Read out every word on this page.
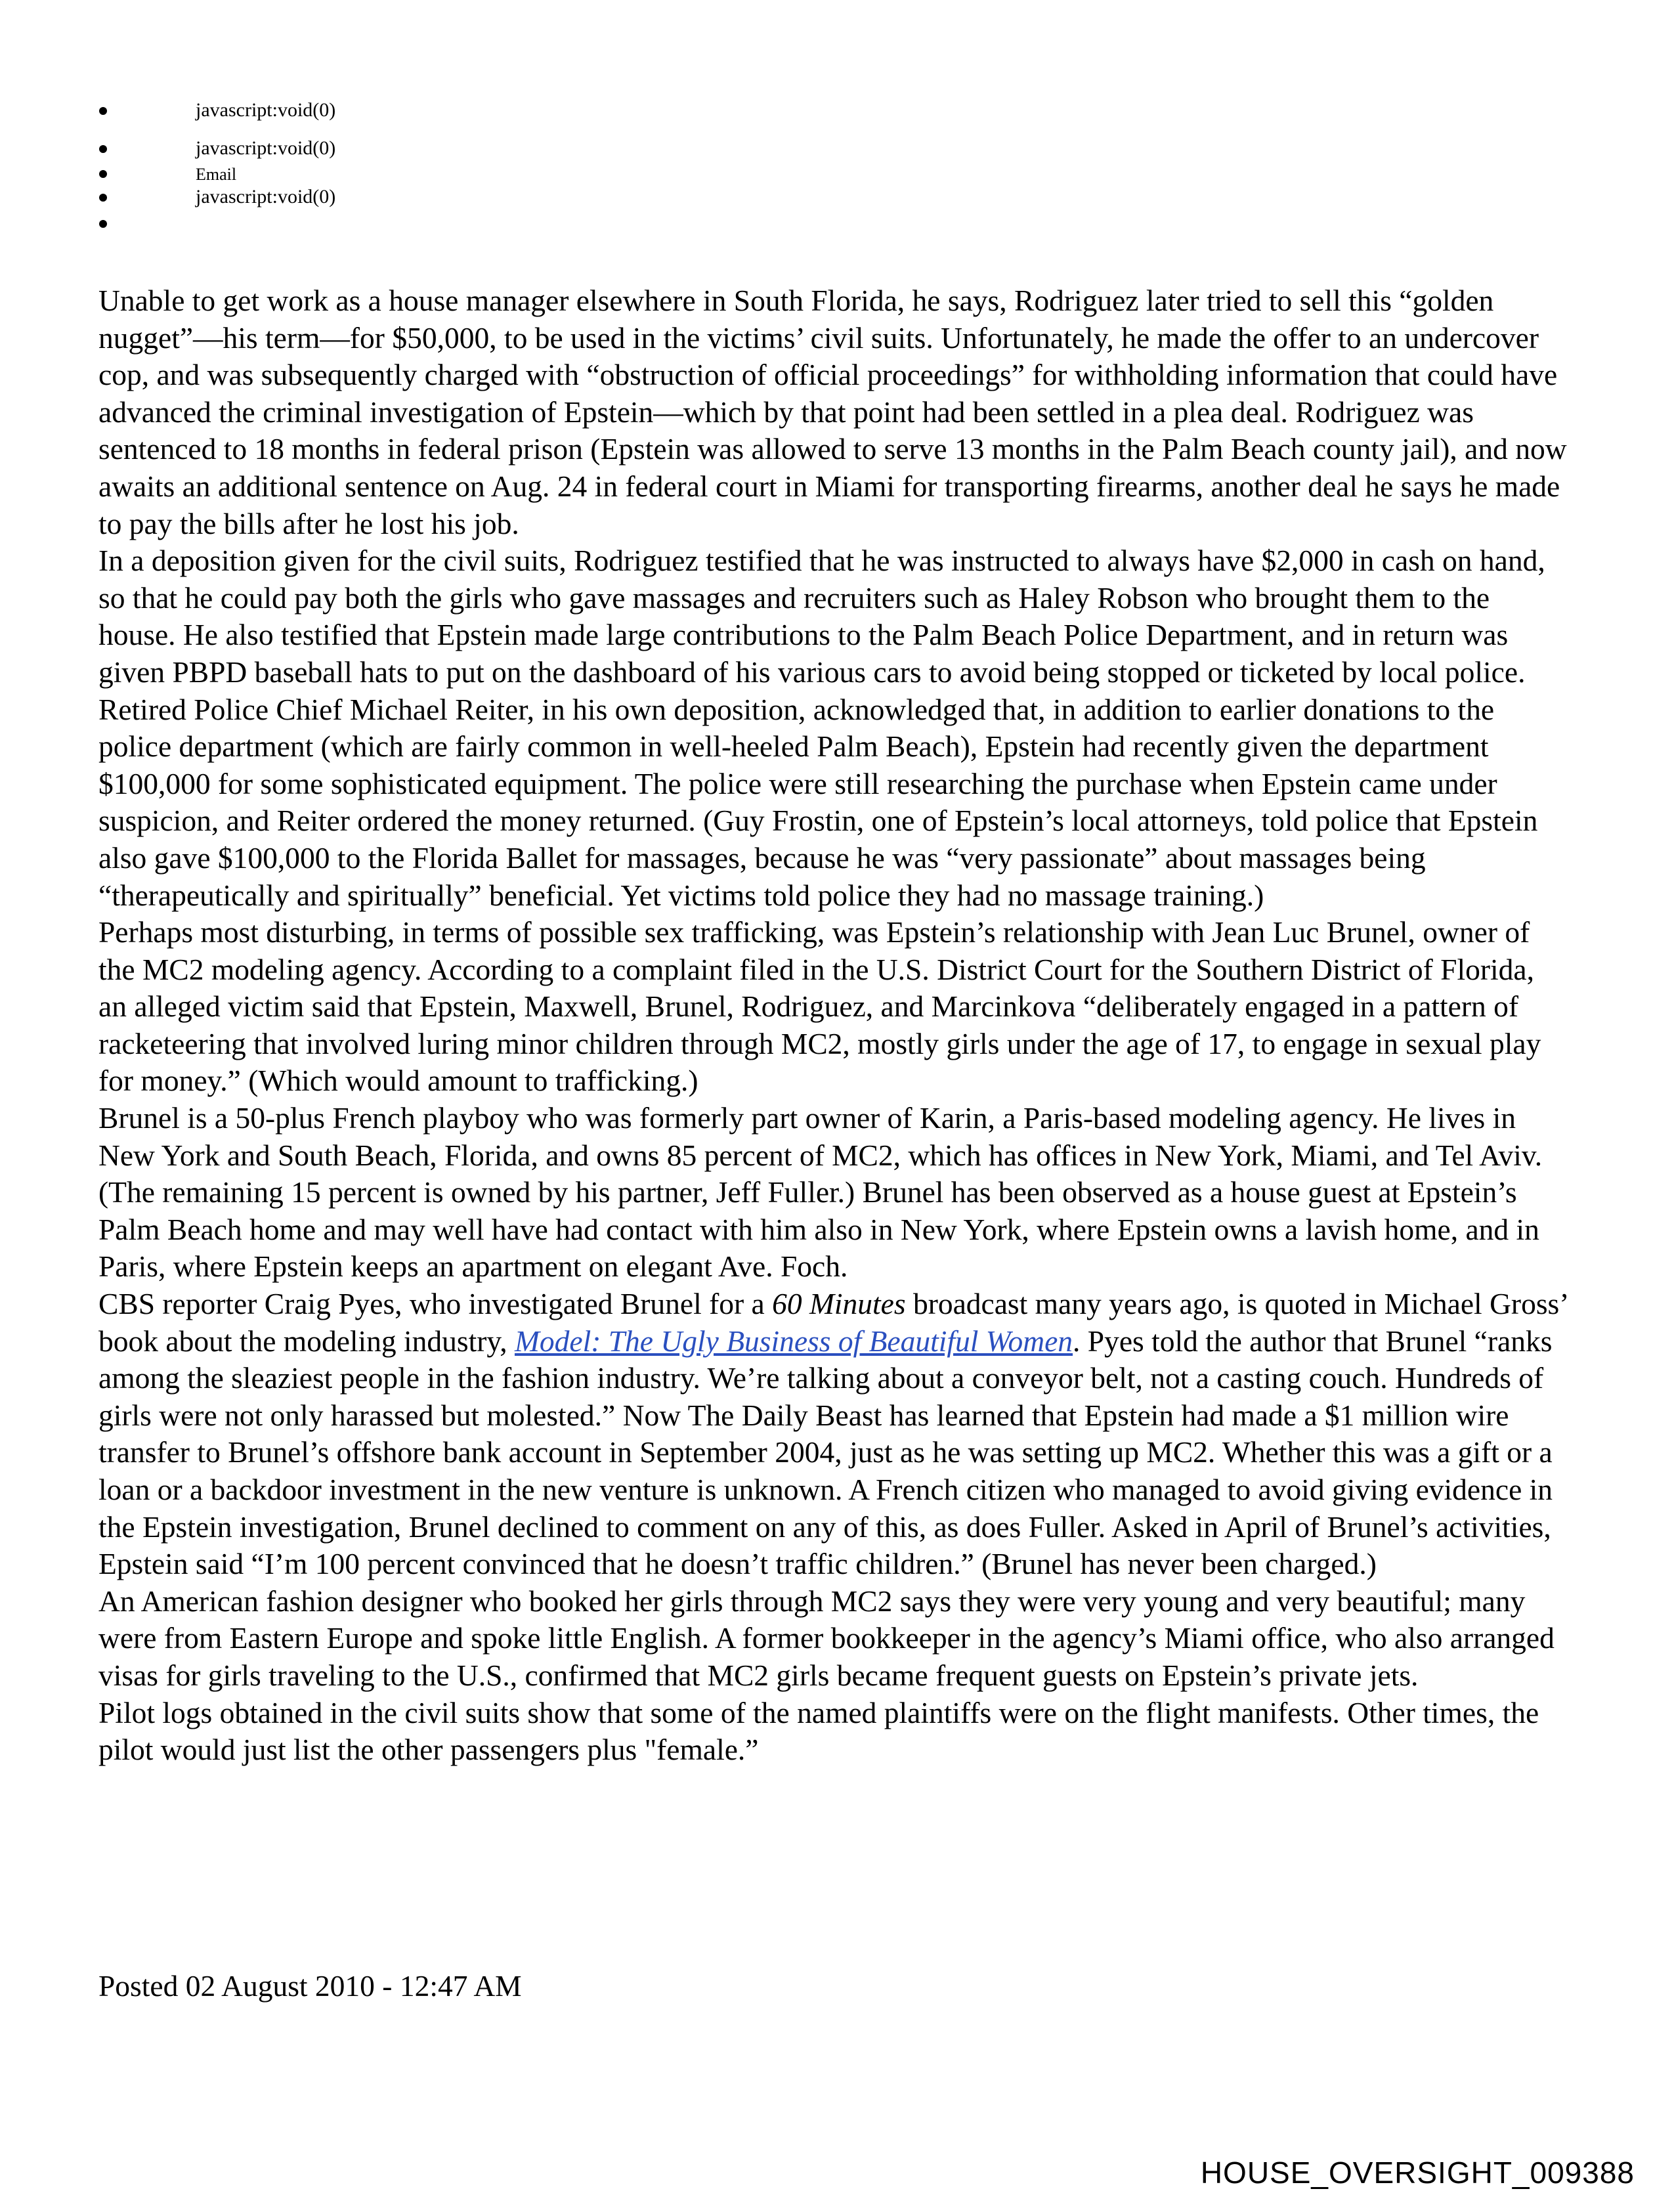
javascript:void(0)
javascript:void(0)
Email
javascript:void(0)

Unable to get work as a house manager elsewhere in South Florida, he says, Rodriguez later tried to sell this “golden nugget”—his term—for $50,000, to be used in the victims’ civil suits. Unfortunately, he made the offer to an undercover cop, and was subsequently charged with “obstruction of official proceedings” for withholding information that could have advanced the criminal investigation of Epstein—which by that point had been settled in a plea deal. Rodriguez was sentenced to 18 months in federal prison (Epstein was allowed to serve 13 months in the Palm Beach county jail), and now awaits an additional sentence on Aug. 24 in federal court in Miami for transporting firearms, another deal he says he made to pay the bills after he lost his job.

In a deposition given for the civil suits, Rodriguez testified that he was instructed to always have $2,000 in cash on hand, so that he could pay both the girls who gave massages and recruiters such as Haley Robson who brought them to the house. He also testified that Epstein made large contributions to the Palm Beach Police Department, and in return was given PBPD baseball hats to put on the dashboard of his various cars to avoid being stopped or ticketed by local police. Retired Police Chief Michael Reiter, in his own deposition, acknowledged that, in addition to earlier donations to the police department (which are fairly common in well-heeled Palm Beach), Epstein had recently given the department $100,000 for some sophisticated equipment. The police were still researching the purchase when Epstein came under suspicion, and Reiter ordered the money returned. (Guy Frostin, one of Epstein’s local attorneys, told police that Epstein also gave $100,000 to the Florida Ballet for massages, because he was “very passionate” about massages being “therapeutically and spiritually” beneficial. Yet victims told police they had no massage training.)

Perhaps most disturbing, in terms of possible sex trafficking, was Epstein’s relationship with Jean Luc Brunel, owner of the MC2 modeling agency. According to a complaint filed in the U.S. District Court for the Southern District of Florida, an alleged victim said that Epstein, Maxwell, Brunel, Rodriguez, and Marcinkova “deliberately engaged in a pattern of racketeering that involved luring minor children through MC2, mostly girls under the age of 17, to engage in sexual play for money.” (Which would amount to trafficking.)

Brunel is a 50-plus French playboy who was formerly part owner of Karin, a Paris-based modeling agency. He lives in New York and South Beach, Florida, and owns 85 percent of MC2, which has offices in New York, Miami, and Tel Aviv. (The remaining 15 percent is owned by his partner, Jeff Fuller.) Brunel has been observed as a house guest at Epstein’s Palm Beach home and may well have had contact with him also in New York, where Epstein owns a lavish home, and in Paris, where Epstein keeps an apartment on elegant Ave. Foch.

CBS reporter Craig Pyes, who investigated Brunel for a 60 Minutes broadcast many years ago, is quoted in Michael Gross’ book about the modeling industry, Model: The Ugly Business of Beautiful Women. Pyes told the author that Brunel “ranks among the sleaziest people in the fashion industry. We’re talking about a conveyor belt, not a casting couch. Hundreds of girls were not only harassed but molested.” Now The Daily Beast has learned that Epstein had made a $1 million wire transfer to Brunel’s offshore bank account in September 2004, just as he was setting up MC2. Whether this was a gift or a loan or a backdoor investment in the new venture is unknown. A French citizen who managed to avoid giving evidence in the Epstein investigation, Brunel declined to comment on any of this, as does Fuller. Asked in April of Brunel’s activities, Epstein said “I’m 100 percent convinced that he doesn’t traffic children.” (Brunel has never been charged.)

An American fashion designer who booked her girls through MC2 says they were very young and very beautiful; many were from Eastern Europe and spoke little English. A former bookkeeper in the agency’s Miami office, who also arranged visas for girls traveling to the U.S., confirmed that MC2 girls became frequent guests on Epstein’s private jets.

Pilot logs obtained in the civil suits show that some of the named plaintiffs were on the flight manifests. Other times, the pilot would just list the other passengers plus "female.”

Posted 02 August 2010 - 12:47 AM
HOUSE_OVERSIGHT_009388
